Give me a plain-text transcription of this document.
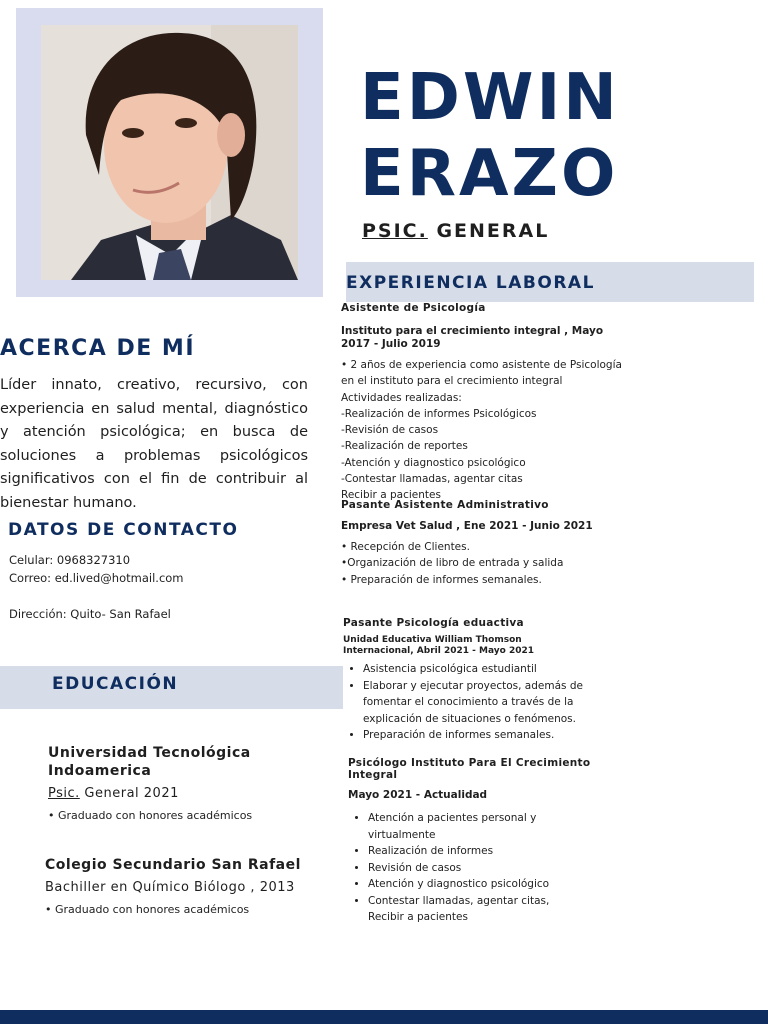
EDWIN
ERAZO
PSIC. GENERAL
EXPERIENCIA LABORAL
ACERCA DE MÍ
Líder innato, creativo, recursivo, con experiencia en salud mental, diagnóstico y atención psicológica; en busca de soluciones a problemas psicológicos significativos con el fin de contribuir al bienestar humano.
DATOS DE CONTACTO
Celular: 0968327310
Correo: ed.lived@hotmail.com
Dirección: Quito- San Rafael
EDUCACIÓN
Universidad Tecnológica Indoamerica
Psic. General 2021
• Graduado con honores académicos
Colegio Secundario San Rafael
Bachiller en Químico Biólogo , 2013
• Graduado con honores académicos
Asistente de Psicología
Instituto para el crecimiento integral , Mayo 2017 - Julio 2019
• 2 años de experiencia como asistente de Psicología en el instituto para el crecimiento integral
Actividades realizadas:
-Realización de informes Psicológicos
-Revisión de casos
-Realización de reportes
-Atención y diagnostico psicológico
-Contestar llamadas, agentar citas
Recibir a pacientes
Pasante Asistente Administrativo
Empresa Vet Salud , Ene 2021 - Junio 2021
• Recepción de Clientes.
•Organización de libro de entrada y salida
• Preparación de informes semanales.
Pasante Psicología eduactiva
Unidad Educativa William Thomson Internacional, Abril 2021 - Mayo 2021
• Asistencia psicológica estudiantil
• Elaborar y ejecutar proyectos, además de fomentar el conocimiento a través de la explicación de situaciones o fenómenos.
• Preparación de informes semanales.
Psicólogo Instituto Para El Crecimiento Integral
Mayo 2021 - Actualidad
• Atención a pacientes personal y virtualmente
• Realización de informes
• Revisión de casos
• Atención y diagnostico psicológico
• Contestar llamadas, agentar citas, Recibir a pacientes
